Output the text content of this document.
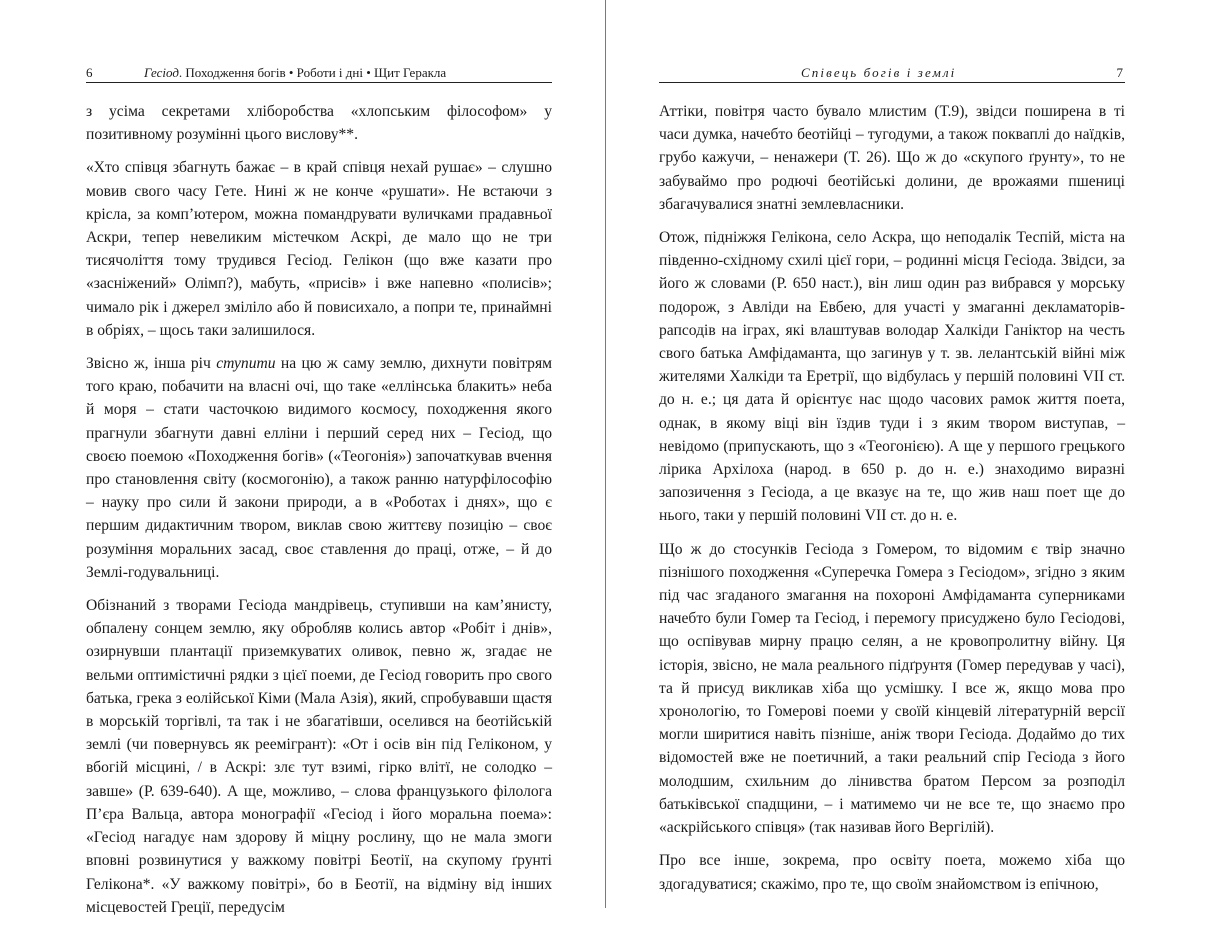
6	Гесіод. Походження богів • Роботи і дні • Щит Геракла

з усіма секретами хліборобства «хлопським філософом» у позитивному розумінні цього вислову**.

«Хто співця збагнуть бажає – в край співця нехай рушає» – слушно мовив свого часу Гете. Нині ж не конче «рушати». Не встаючи з крісла, за комп’ютером, можна помандрувати вуличками прадавньої Аскри, тепер невеликим містечком Аскрі, де мало що не три тисячоліття тому трудився Гесіод. Гелікон (що вже казати про «засніжений» Олімп?), мабуть, «присів» і вже напевно «полисів»; чимало рік і джерел зміліло або й повисихало, а попри те, принаймні в обріях, – щось таки залишилося.

Звісно ж, інша річ ступити на цю ж саму землю, дихнути повітрям того краю, побачити на власні очі, що таке «еллінська блакить» неба й моря – стати часточкою видимого космосу, походження якого прагнули збагнути давні елліни і перший серед них – Гесіод, що своєю поемою «Походження богів» («Теогонія») започаткував вчення про становлення світу (космогонію), а також ранню натурфілософію – науку про сили й закони природи, а в «Роботах і днях», що є першим дидактичним твором, виклав свою життєву позицію – своє розуміння моральних засад, своє ставлення до праці, отже, – й до Землі-годувальниці.

Обізнаний з творами Гесіода мандрівець, ступивши на кам’янисту, обпалену сонцем землю, яку обробляв колись автор «Робіт і днів», озирнувши плантації приземкуватих оливок, певно ж, згадає не вельми оптимістичні рядки з цієї поеми, де Гесіод говорить про свого батька, грека з еолійської Кіми (Мала Азія), який, спробувавши щастя в морській торгівлі, та так і не збагатівши, оселився на беотійській землі (чи повернувсь як реемігрант): «От і осів він під Геліконом, у вбогій місцині, / в Аскрі: злє тут взимі, гірко влітї, не солодко – завше» (Р. 639-640). А ще, можливо, – слова французького філолога П’єра Вальца, автора монографії «Гесіод і його моральна поема»: «Гесіод нагадує нам здорову й міцну рослину, що не мала змоги вповні розвинутися у важкому повітрі Беотії, на скупому ґрунті Гелікона*. «У важкому повітрі», бо в Беотії, на відміну від інших місцевостей Греції, передусім

Співець богів і землі	7

Аттіки, повітря часто бувало млистим (Т.9), звідси поширена в ті часи думка, начебто беотійці – тугодуми, а також покваплі до наїдків, грубо кажучи, – ненажери (Т. 26). Що ж до «скупого ґрунту», то не забуваймо про родючі беотійські долини, де врожаями пшениці збагачувалися знатні землевласники.

Отож, підніжжя Гелікона, село Аскра, що неподалік Теспій, міста на південно-східному схилі цієї гори, – родинні місця Гесіода. Звідси, за його ж словами (Р. 650 наст.), він лиш один раз вибрався у морську подорож, з Авліди на Евбею, для участі у змаганні декламаторів-рапсодів на іграх, які влаштував володар Халкіди Ганіктор на честь свого батька Амфідаманта, що загинув у т. зв. лелантській війні між жителями Халкіди та Еретрії, що відбулась у першій половині VII ст. до н. е.; ця дата й орієнтує нас щодо часових рамок життя поета, однак, в якому віці він їздив туди і з яким твором виступав, – невідомо (припускають, що з «Теогонією). А ще у першого грецького лірика Архілоха (народ. в 650 р. до н. е.) знаходимо виразні запозичення з Гесіода, а це вказує на те, що жив наш поет ще до нього, таки у першій половині VII ст. до н. е.

Що ж до стосунків Гесіода з Гомером, то відомим є твір значно пізнішого походження «Суперечка Гомера з Гесіодом», згідно з яким під час згаданого змагання на похороні Амфідаманта суперниками начебто були Гомер та Гесіод, і перемогу присуджено було Гесіодові, що оспівував мирну працю селян, а не кровопролитну війну. Ця історія, звісно, не мала реального підґрунтя (Гомер передував у часі), та й присуд викликав хіба що усмішку. І все ж, якщо мова про хронологію, то Гомерові поеми у своїй кінцевій літературній версії могли ширитися навіть пізніше, аніж твори Гесіода. Додаймо до тих відомостей вже не поетичний, а таки реальний спір Гесіода з його молодшим, схильним до лінивства братом Персом за розподіл батьківської спадщини, – і матимемо чи не все те, що знаємо про «аскрійського співця» (так називав його Вергілій).

Про все інше, зокрема, про освіту поета, можемо хіба що здогадуватися; скажімо, про те, що своїм знайомством із епічною,
